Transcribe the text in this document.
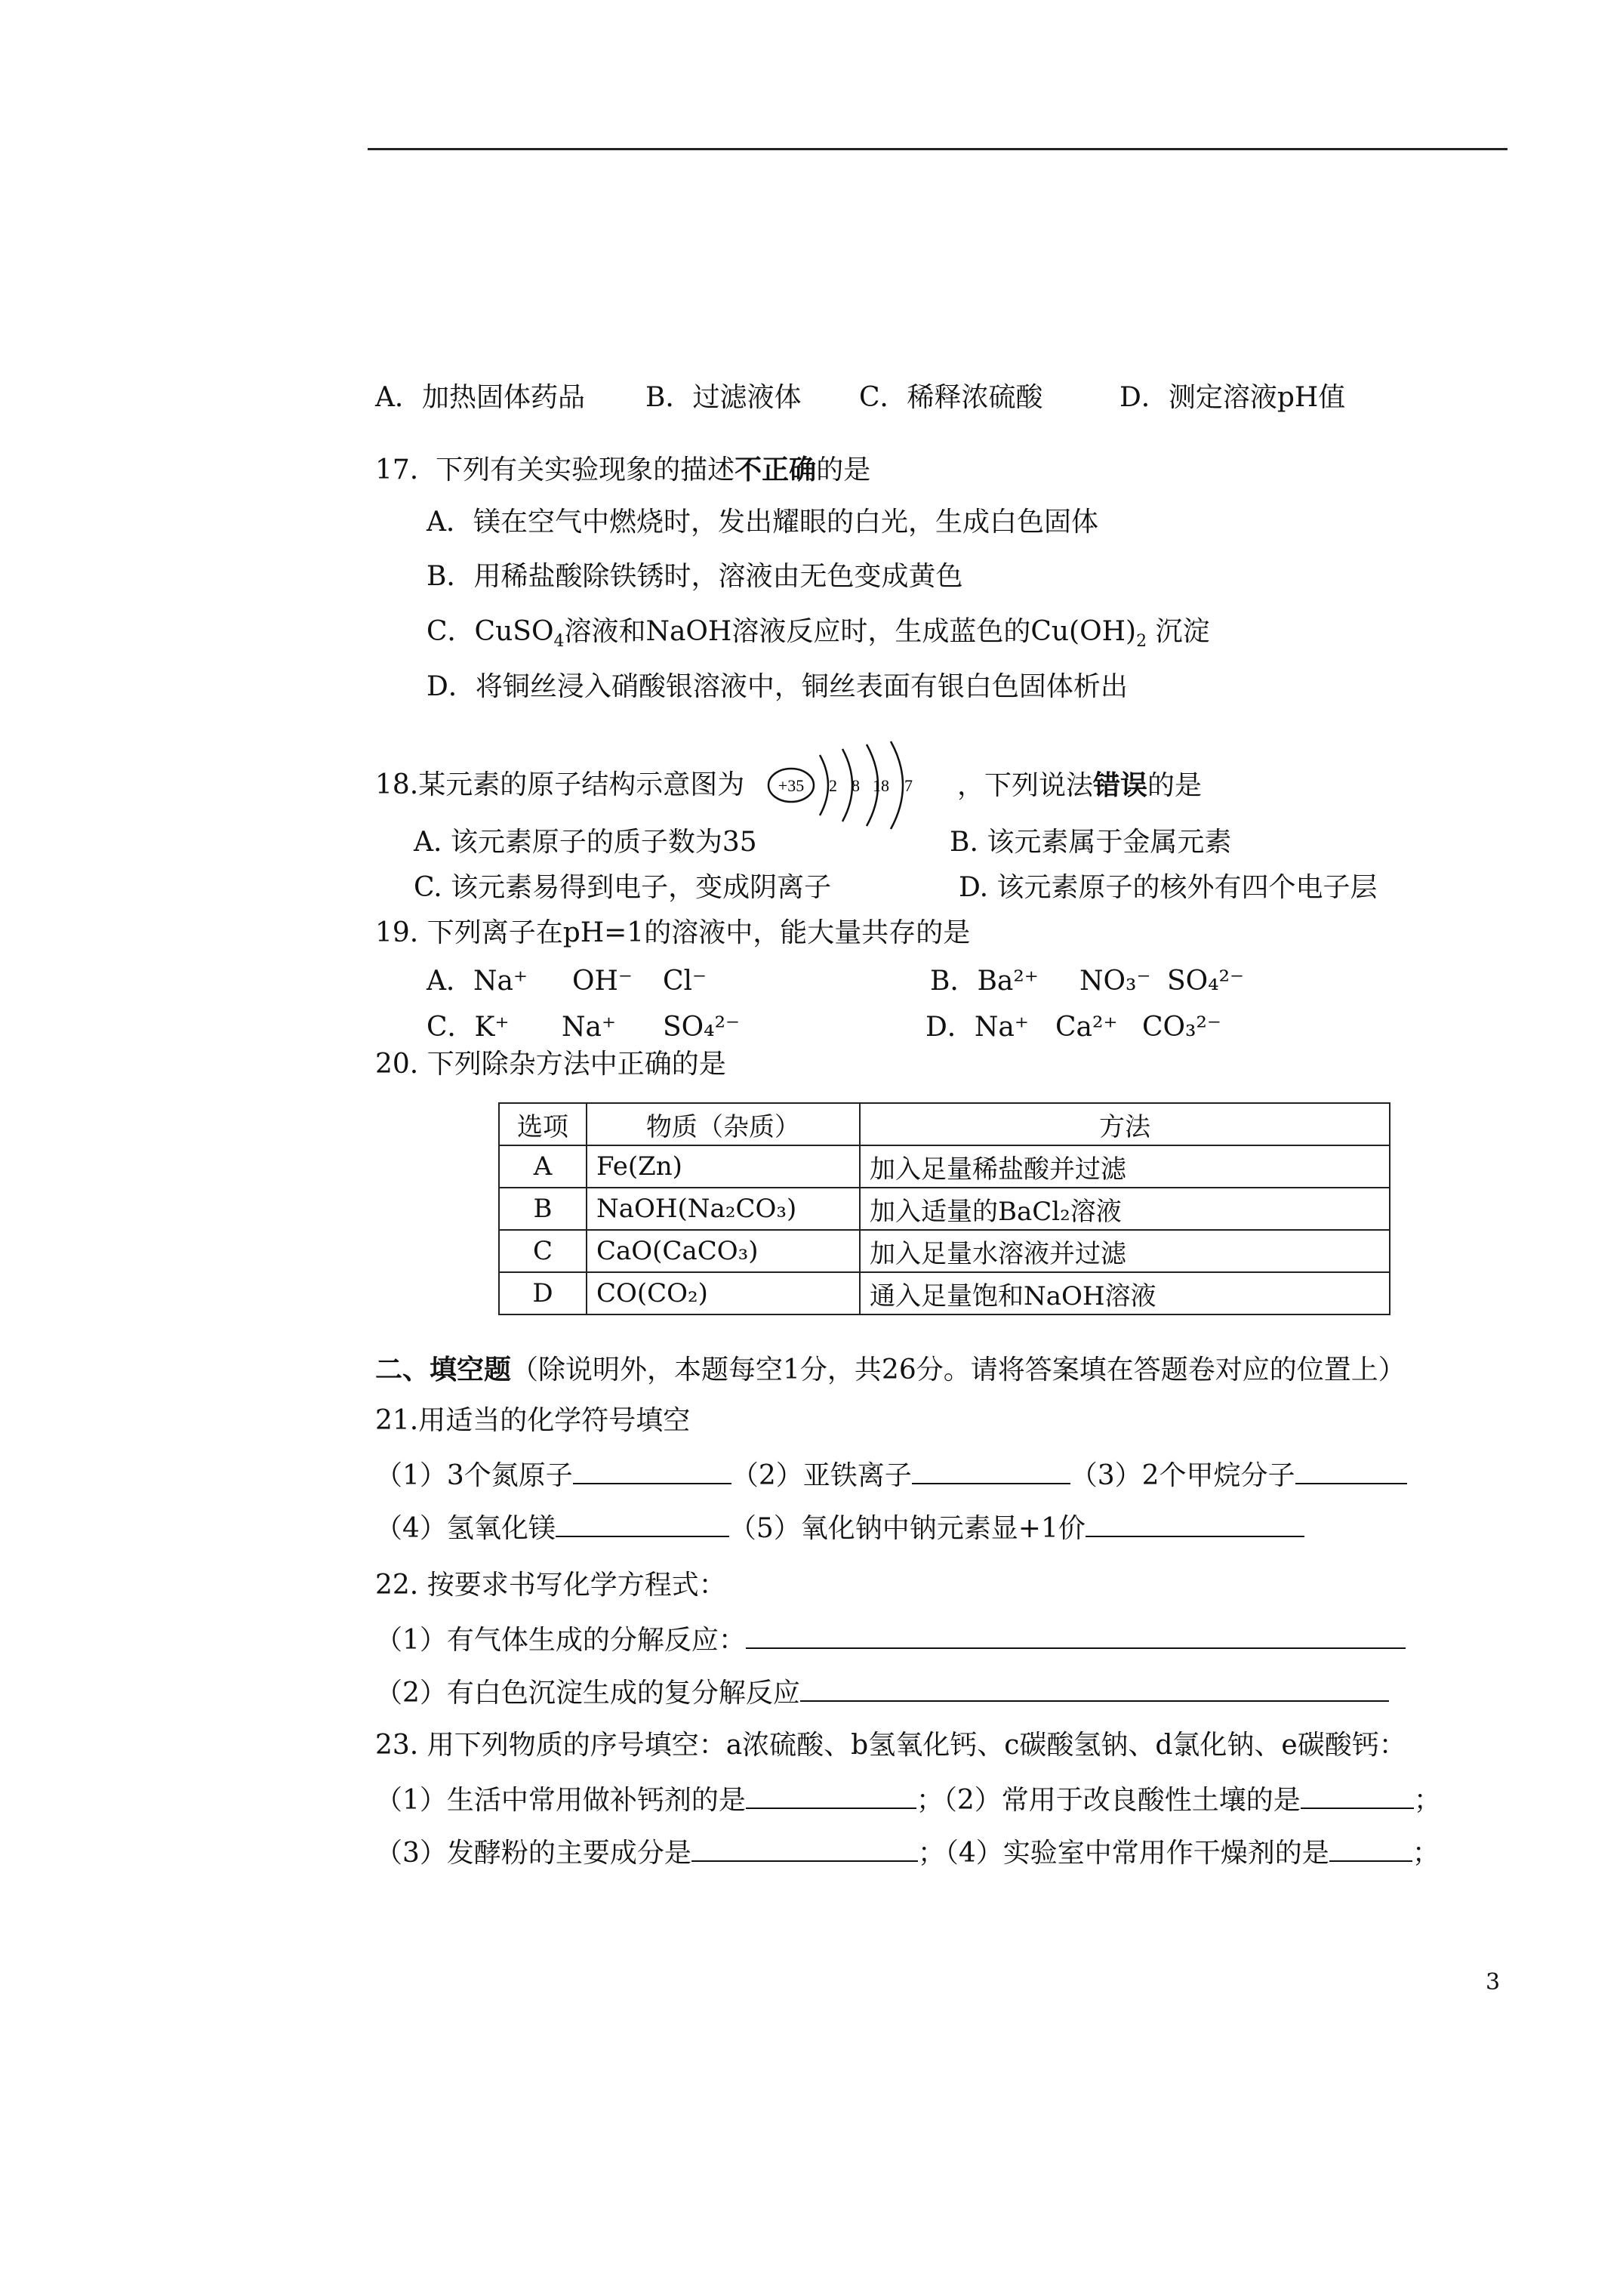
A．加热固体药品 B．过滤液体 C．稀释浓硫酸	D．测定溶液pH值
17. 下列有关实验现象的描述不正确的是
A．镁在空气中燃烧时，发出耀眼的白光，生成白色固体
B．用稀盐酸除铁锈时，溶液由无色变成黄色
C．CuSO$_4$溶液和NaOH溶液反应时，生成蓝色的$Cu(OH)_2$ 沉淀
D．将铜丝浸入硝酸银溶液中，铜丝表面有银白色固体析出
18.某元素的原子结构示意图为 +35 2 8 18 7 ，下列说法错误的是
A. 该元素原子的质子数为35	B. 该元素属于金属元素
C. 该元素易得到电子，变成阴离子	D. 该元素原子的核外有四个电子层
19. 下列离子在pH=1的溶液中，能大量共存的是
A．Na⁺ OH⁻ Cl⁻	B．Ba²⁺ NO₃⁻ SO₄²⁻
C．K⁺ Na⁺ SO₄²⁻	D．Na⁺ Ca²⁺ CO₃²⁻
20. 下列除杂方法中正确的是
选项	物质（杂质）	方法
A	Fe(Zn)	加入足量稀盐酸并过滤
B	NaOH(Na₂CO₃)	加入适量的BaCl₂溶液
C	CaO(CaCO₃)	加入足量水溶液并过滤
D	CO(CO₂)	通入足量饱和NaOH溶液
二、填空题（除说明外，本题每空1分，共26分。请将答案填在答题卷对应的位置上）
21.用适当的化学符号填空
（1）3个氮原子	（2）亚铁离子	（3）2个甲烷分子
（4）氢氧化镁	（5）氧化钠中钠元素显+1价
22. 按要求书写化学方程式：
（1）有气体生成的分解反应：
（2）有白色沉淀生成的复分解反应
23. 用下列物质的序号填空：a浓硫酸、b氢氧化钙、c碳酸氢钠、d氯化钠、e碳酸钙：
（1）生活中常用做补钙剂的是	；（2）常用于改良酸性土壤的是	；
（3）发酵粉的主要成分是	；（4）实验室中常用作干燥剂的是	；
3
